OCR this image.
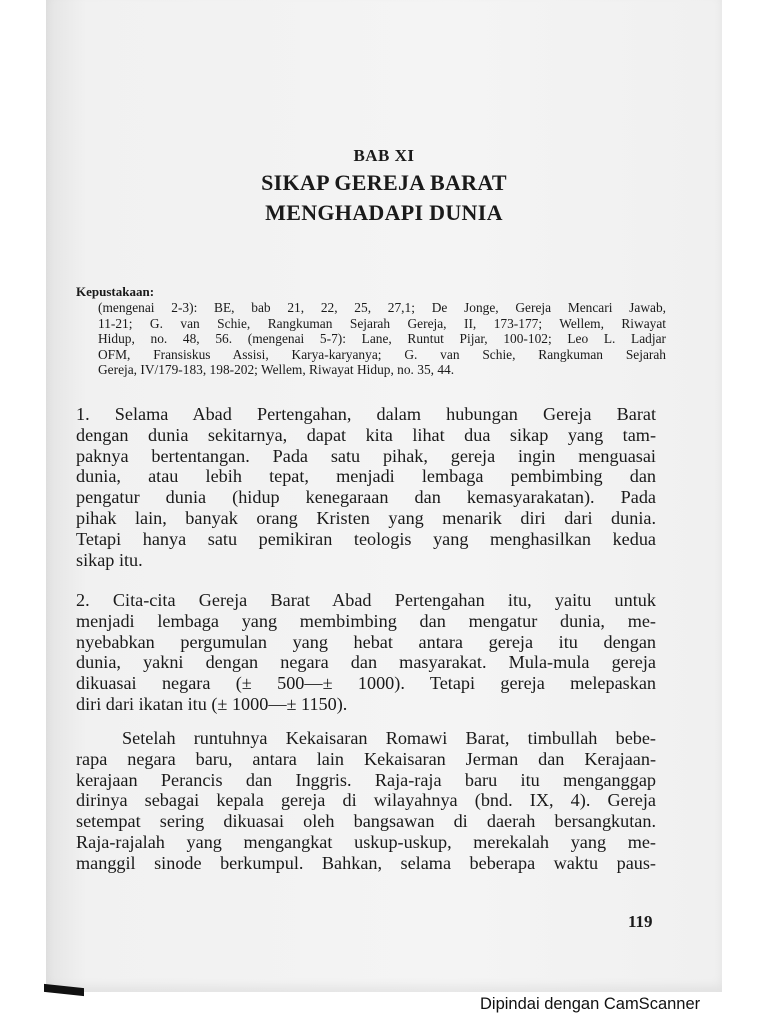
BAB XI
SIKAP GEREJA BARAT
MENGHADAPI DUNIA
Kepustakaan:

(mengenai 2-3): BE, bab 21, 22, 25, 27,1; De Jonge, Gereja Mencari Jawab,

11-21; G. van Schie, Rangkuman Sejarah Gereja, II, 173-177; Wellem, Riwayat

Hidup, no. 48, 56. (mengenai 5-7): Lane, Runtut Pijar, 100-102; Leo L. Ladjar

OFM, Fransiskus Assisi, Karya-karyanya; G. van Schie, Rangkuman Sejarah

Gereja, IV/179-183, 198-202; Wellem, Riwayat Hidup, no. 35, 44.

1. Selama Abad Pertengahan, dalam hubungan Gereja Barat
dengan dunia sekitarnya, dapat kita lihat dua sikap yang tam-
paknya bertentangan. Pada satu pihak, gereja ingin menguasai
dunia, atau lebih tepat, menjadi lembaga pembimbing dan
pengatur dunia (hidup kenegaraan dan kemasyarakatan). Pada
pihak lain, banyak orang Kristen yang menarik diri dari dunia.
Tetapi hanya satu pemikiran teologis yang menghasilkan kedua
sikap itu.
2. Cita-cita Gereja Barat Abad Pertengahan itu, yaitu untuk
menjadi lembaga yang membimbing dan mengatur dunia, me-
nyebabkan pergumulan yang hebat antara gereja itu dengan
dunia, yakni dengan negara dan masyarakat. Mula-mula gereja
dikuasai negara (± 500—± 1000). Tetapi gereja melepaskan
diri dari ikatan itu (± 1000—± 1150).
Setelah runtuhnya Kekaisaran Romawi Barat, timbullah bebe-
rapa negara baru, antara lain Kekaisaran Jerman dan Kerajaan-
kerajaan Perancis dan Inggris. Raja-raja baru itu menganggap
dirinya sebagai kepala gereja di wilayahnya (bnd. IX, 4). Gereja
setempat sering dikuasai oleh bangsawan di daerah bersangkutan.
Raja-rajalah yang mengangkat uskup-uskup, merekalah yang me-
manggil sinode berkumpul. Bahkan, selama beberapa waktu paus-
119
Dipindai dengan CamScanner
